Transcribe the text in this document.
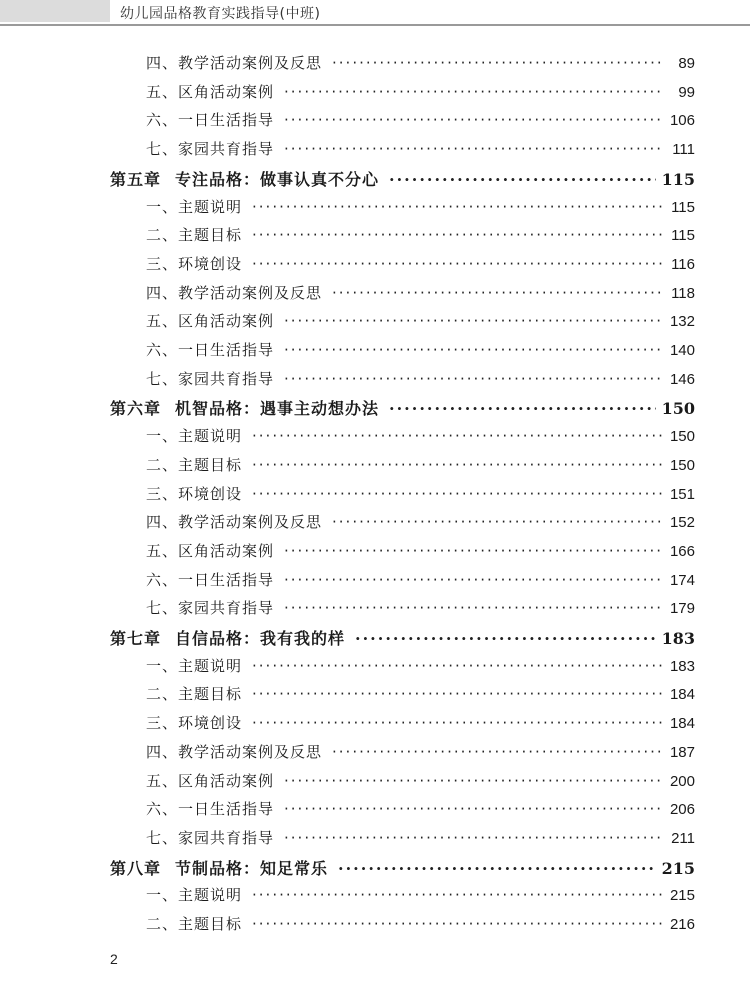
幼儿园品格教育实践指导(中班)
四、教学活动案例及反思 ·····	89
五、区角活动案例 ·····	99
六、一日生活指导 ·····	106
七、家园共育指导 ·····	111
第五章 专注品格：做事认真不分心 ·····	115
一、主题说明 ·····	115
二、主题目标 ·····	115
三、环境创设 ·····	116
四、教学活动案例及反思 ·····	118
五、区角活动案例 ·····	132
六、一日生活指导 ·····	140
七、家园共育指导 ·····	146
第六章 机智品格：遇事主动想办法 ·····	150
一、主题说明 ·····	150
二、主题目标 ·····	150
三、环境创设 ·····	151
四、教学活动案例及反思 ·····	152
五、区角活动案例 ·····	166
六、一日生活指导 ·····	174
七、家园共育指导 ·····	179
第七章 自信品格：我有我的样 ·····	183
一、主题说明 ·····	183
二、主题目标 ·····	184
三、环境创设 ·····	184
四、教学活动案例及反思 ·····	187
五、区角活动案例 ·····	200
六、一日生活指导 ·····	206
七、家园共育指导 ·····	211
第八章 节制品格：知足常乐 ·····	215
一、主题说明 ·····	215
二、主题目标 ·····	216
2
